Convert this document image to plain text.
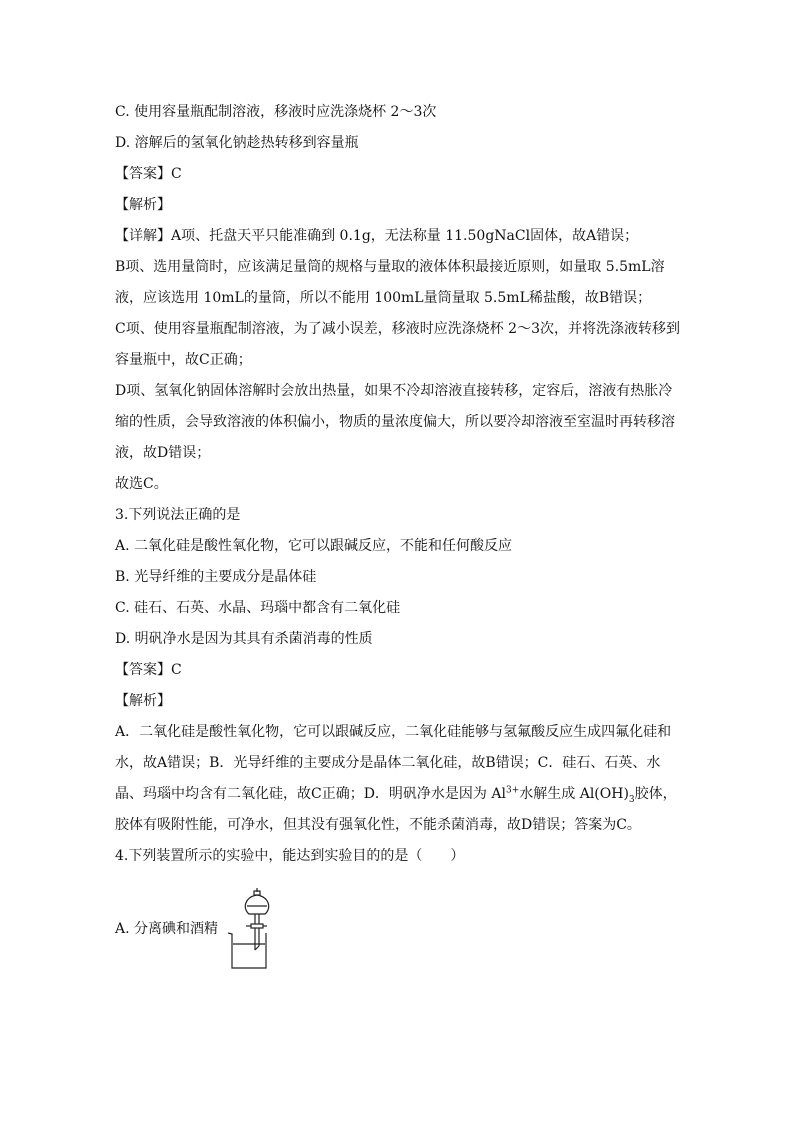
C. 使用容量瓶配制溶液，移液时应洗涤烧杯 2～3次
D. 溶解后的氢氧化钠趁热转移到容量瓶
【答案】C
【解析】
【详解】A项、托盘天平只能准确到 0.1g，无法称量 11.50gNaCl固体，故A错误；
B项、选用量筒时，应该满足量筒的规格与量取的液体体积最接近原则，如量取 5.5mL溶液，应该选用 10mL的量筒，所以不能用 100mL量筒量取 5.5mL稀盐酸，故B错误；
C项、使用容量瓶配制溶液，为了减小误差，移液时应洗涤烧杯 2～3次，并将洗涤液转移到容量瓶中，故C正确；
D项、氢氧化钠固体溶解时会放出热量，如果不冷却溶液直接转移，定容后，溶液有热胀冷缩的性质，会导致溶液的体积偏小，物质的量浓度偏大，所以要冷却溶液至室温时再转移溶液，故D错误；
故选C。
3.下列说法正确的是
A. 二氧化硅是酸性氧化物，它可以跟碱反应，不能和任何酸反应
B. 光导纤维的主要成分是晶体硅
C. 硅石、石英、水晶、玛瑙中都含有二氧化硅
D. 明矾净水是因为其具有杀菌消毒的性质
【答案】C
【解析】
A．二氧化硅是酸性氧化物，它可以跟碱反应，二氧化硅能够与氢氟酸反应生成四氟化硅和水，故A错误；B．光导纤维的主要成分是晶体二氧化硅，故B错误；C．硅石、石英、水晶、玛瑙中均含有二氧化硅，故C正确；D．明矾净水是因为 $Al^{3+}$水解生成 $Al(OH)_3$胶体，胶体有吸附性能，可净水，但其没有强氧化性，不能杀菌消毒，故D错误；答案为C。
4.下列装置所示的实验中，能达到实验目的的是（　　）
A. 分离碘和酒精
